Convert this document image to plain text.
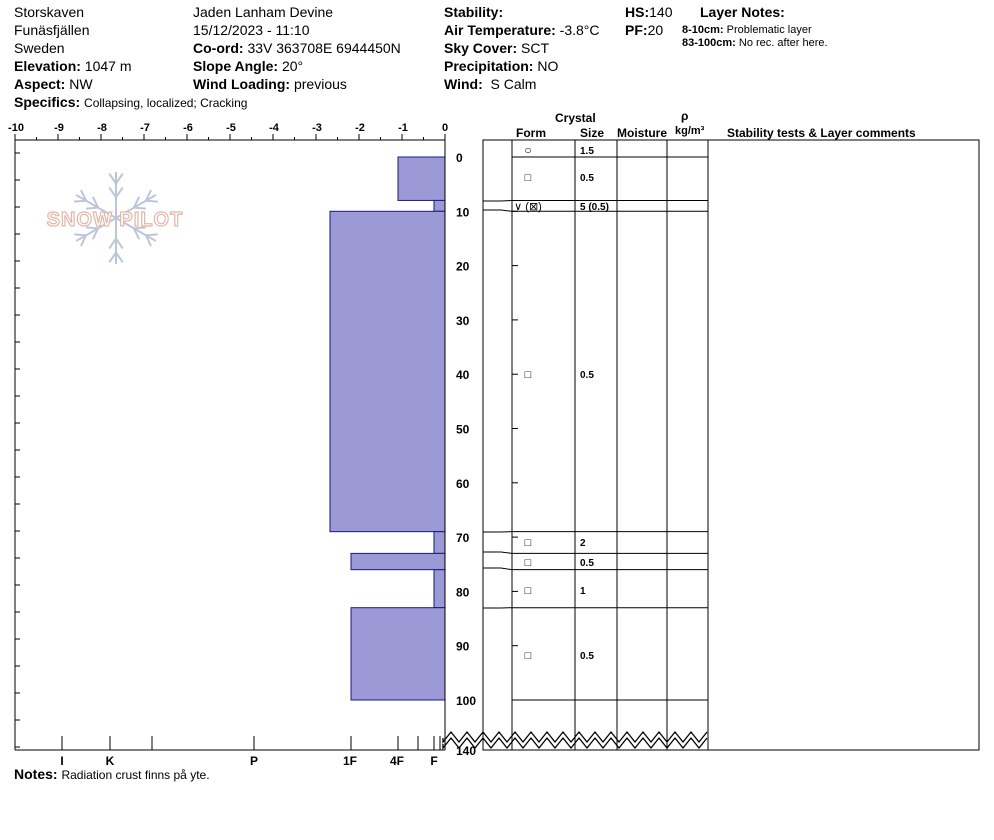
Storskaven
Funäsfjällen
Sweden
Elevation: 1047 m
Aspect: NW
Specifics: Collapsing, localized; Cracking
Jaden Lanham Devine
15/12/2023 - 11:10
Co-ord: 33V 363708E 6944450N
Slope Angle: 20°
Wind Loading: previous
Stability:
Air Temperature: -3.8°C
Sky Cover: SCT
Precipitation: NO
Wind: S Calm
HS:140
PF:20
Layer Notes:
8-10cm: Problematic layer
83-100cm: No rec. after here.
Crystal
Form	Size Moisture
ρ
kg/m³ Stability tests & Layer comments
SNOW PILOT
-10	-9	-8	-7	-6	-5	-4	-3	-2	-1	0
I	K	P	1F	4F F
0
10
20
30
40
50
60
70
80
90
100
140
○	1.5
□	0.5
∨ (⊠)	5 (0.5)
□	0.5
□	2
□	0.5
□	1
□	0.5
Notes: Radiation crust finns på yte.
